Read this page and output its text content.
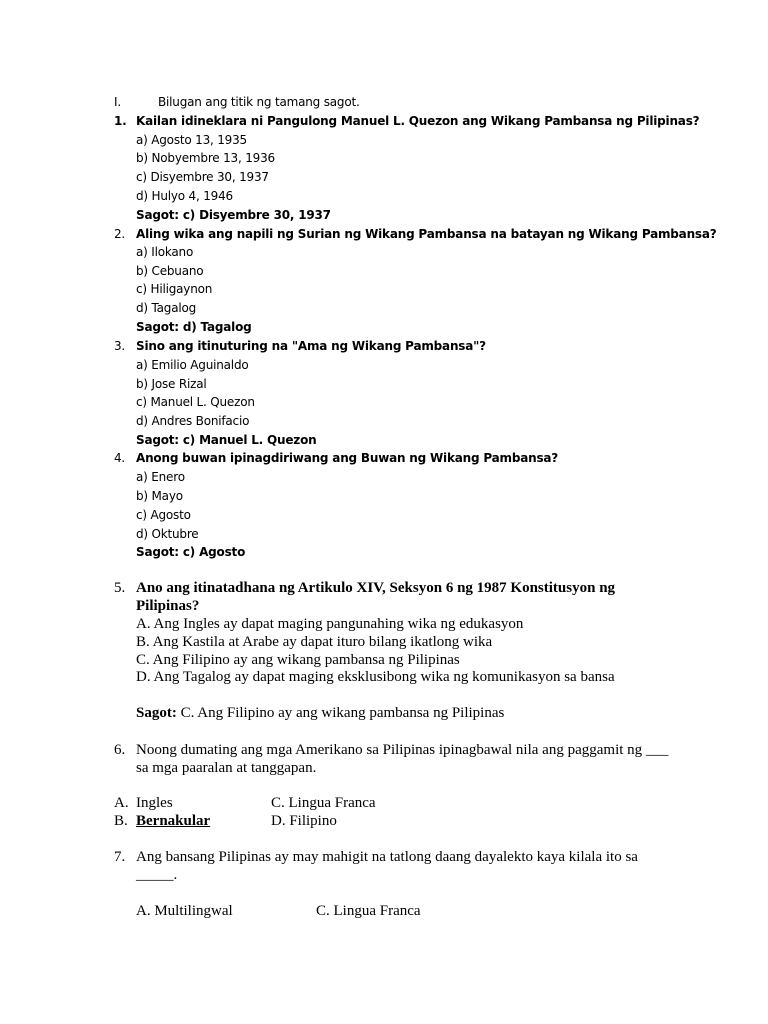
I.	Bilugan ang titik ng tamang sagot.
1. Kailan idineklara ni Pangulong Manuel L. Quezon ang Wikang Pambansa ng Pilipinas?
a) Agosto 13, 1935
b) Nobyembre 13, 1936
c) Disyembre 30, 1937
d) Hulyo 4, 1946
Sagot: c) Disyembre 30, 1937
2. Aling wika ang napili ng Surian ng Wikang Pambansa na batayan ng Wikang Pambansa?
a) Ilokano
b) Cebuano
c) Hiligaynon
d) Tagalog
Sagot: d) Tagalog
3. Sino ang itinuturing na "Ama ng Wikang Pambansa"?
a) Emilio Aguinaldo
b) Jose Rizal
c) Manuel L. Quezon
d) Andres Bonifacio
Sagot: c) Manuel L. Quezon
4. Anong buwan ipinagdiriwang ang Buwan ng Wikang Pambansa?
a) Enero
b) Mayo
c) Agosto
d) Oktubre
Sagot: c) Agosto
5. Ano ang itinatadhana ng Artikulo XIV, Seksyon 6 ng 1987 Konstitusyon ng
Pilipinas?
A. Ang Ingles ay dapat maging pangunahing wika ng edukasyon
B. Ang Kastila at Arabe ay dapat ituro bilang ikatlong wika
C. Ang Filipino ay ang wikang pambansa ng Pilipinas
D. Ang Tagalog ay dapat maging eksklusibong wika ng komunikasyon sa bansa
Sagot: C. Ang Filipino ay ang wikang pambansa ng Pilipinas
6. Noong dumating ang mga Amerikano sa Pilipinas ipinagbawal nila ang paggamit ng ___
sa mga paaralan at tanggapan.
A. Ingles	C. Lingua Franca
B. Bernakular	D. Filipino
7. Ang bansang Pilipinas ay may mahigit na tatlong daang dayalekto kaya kilala ito sa
_____.
A. Multilingwal	C. Lingua Franca
